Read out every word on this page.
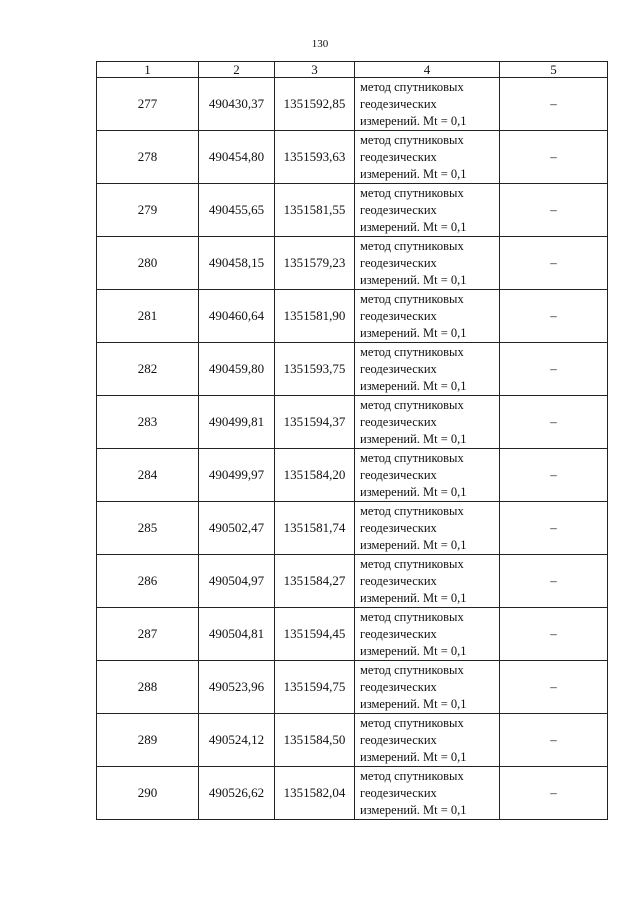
130
1	2	3	4	5
277	490430,37	1351592,85	метод спутниковых
геодезических
измерений. Mt = 0,1	–
278	490454,80	1351593,63	метод спутниковых
геодезических
измерений. Mt = 0,1	–
279	490455,65	1351581,55	метод спутниковых
геодезических
измерений. Mt = 0,1	–
280	490458,15	1351579,23	метод спутниковых
геодезических
измерений. Mt = 0,1	–
281	490460,64	1351581,90	метод спутниковых
геодезических
измерений. Mt = 0,1	–
282	490459,80	1351593,75	метод спутниковых
геодезических
измерений. Mt = 0,1	–
283	490499,81	1351594,37	метод спутниковых
геодезических
измерений. Mt = 0,1	–
284	490499,97	1351584,20	метод спутниковых
геодезических
измерений. Mt = 0,1	–
285	490502,47	1351581,74	метод спутниковых
геодезических
измерений. Mt = 0,1	–
286	490504,97	1351584,27	метод спутниковых
геодезических
измерений. Mt = 0,1	–
287	490504,81	1351594,45	метод спутниковых
геодезических
измерений. Mt = 0,1	–
288	490523,96	1351594,75	метод спутниковых
геодезических
измерений. Mt = 0,1	–
289	490524,12	1351584,50	метод спутниковых
геодезических
измерений. Mt = 0,1	–
290	490526,62	1351582,04	метод спутниковых
геодезических
измерений. Mt = 0,1	–
